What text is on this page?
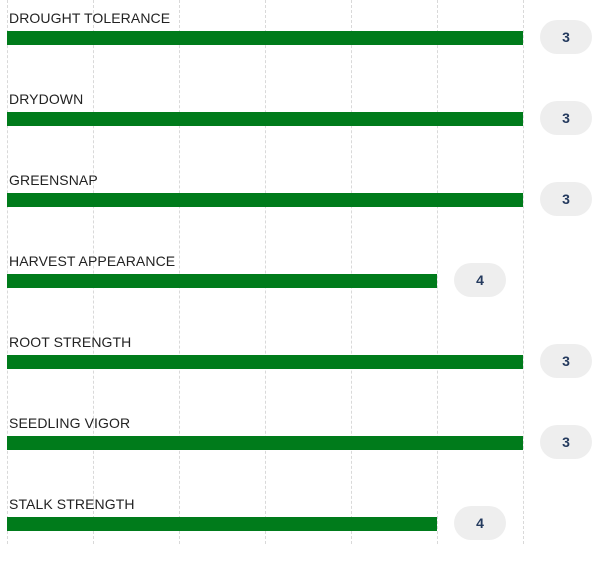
DROUGHT TOLERANCE
3
DRYDOWN
3
GREENSNAP
3
HARVEST APPEARANCE
4
ROOT STRENGTH
3
SEEDLING VIGOR
3
STALK STRENGTH
4
